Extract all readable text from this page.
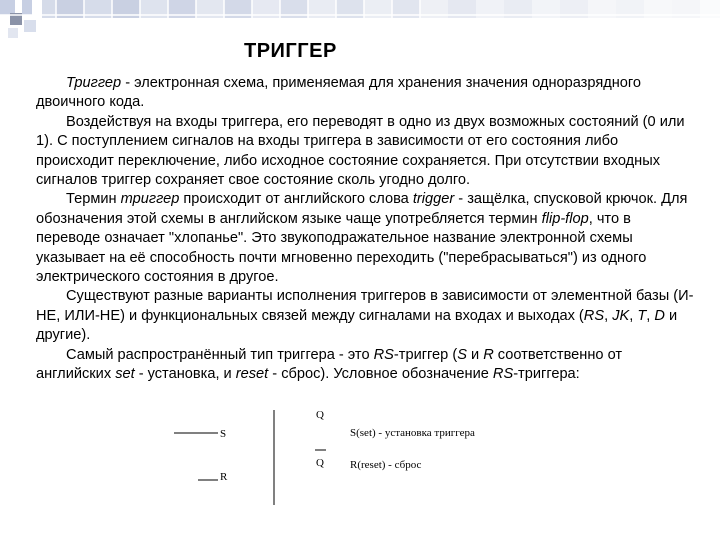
ТРИГГЕР

Триггер - электронная схема, применяемая для хранения значения одноразрядного двоичного кода.

Воздействуя на входы триггера, его переводят в одно из двух возможных состояний (0 или 1). С поступлением сигналов на входы триггера в зависимости от его состояния либо происходит переключение, либо исходное состояние сохраняется. При отсутствии входных сигналов триггер сохраняет свое состояние сколь угодно долго.

Термин триггер происходит от английского слова trigger - защёлка, спусковой крючок. Для обозначения этой схемы в английском языке чаще употребляется термин flip-flop, что в переводе означает "хлопанье". Это звукоподражательное название электронной схемы указывает на её способность почти мгновенно переходить ("перебрасываться") из одного электрического состояния в другое.

Существуют разные варианты исполнения триггеров в зависимости от элементной базы (И-НЕ, ИЛИ-НЕ) и функциональных связей между сигналами на входах и выходах (RS, JK, T, D и другие).

Самый распространённый тип триггера - это RS-триггер (S и R соответственно от английских set - установка, и reset - сброс). Условное обозначение RS-триггера:

S
R
Q
Q
S(set) - установка триггера
R(reset) - сброс
